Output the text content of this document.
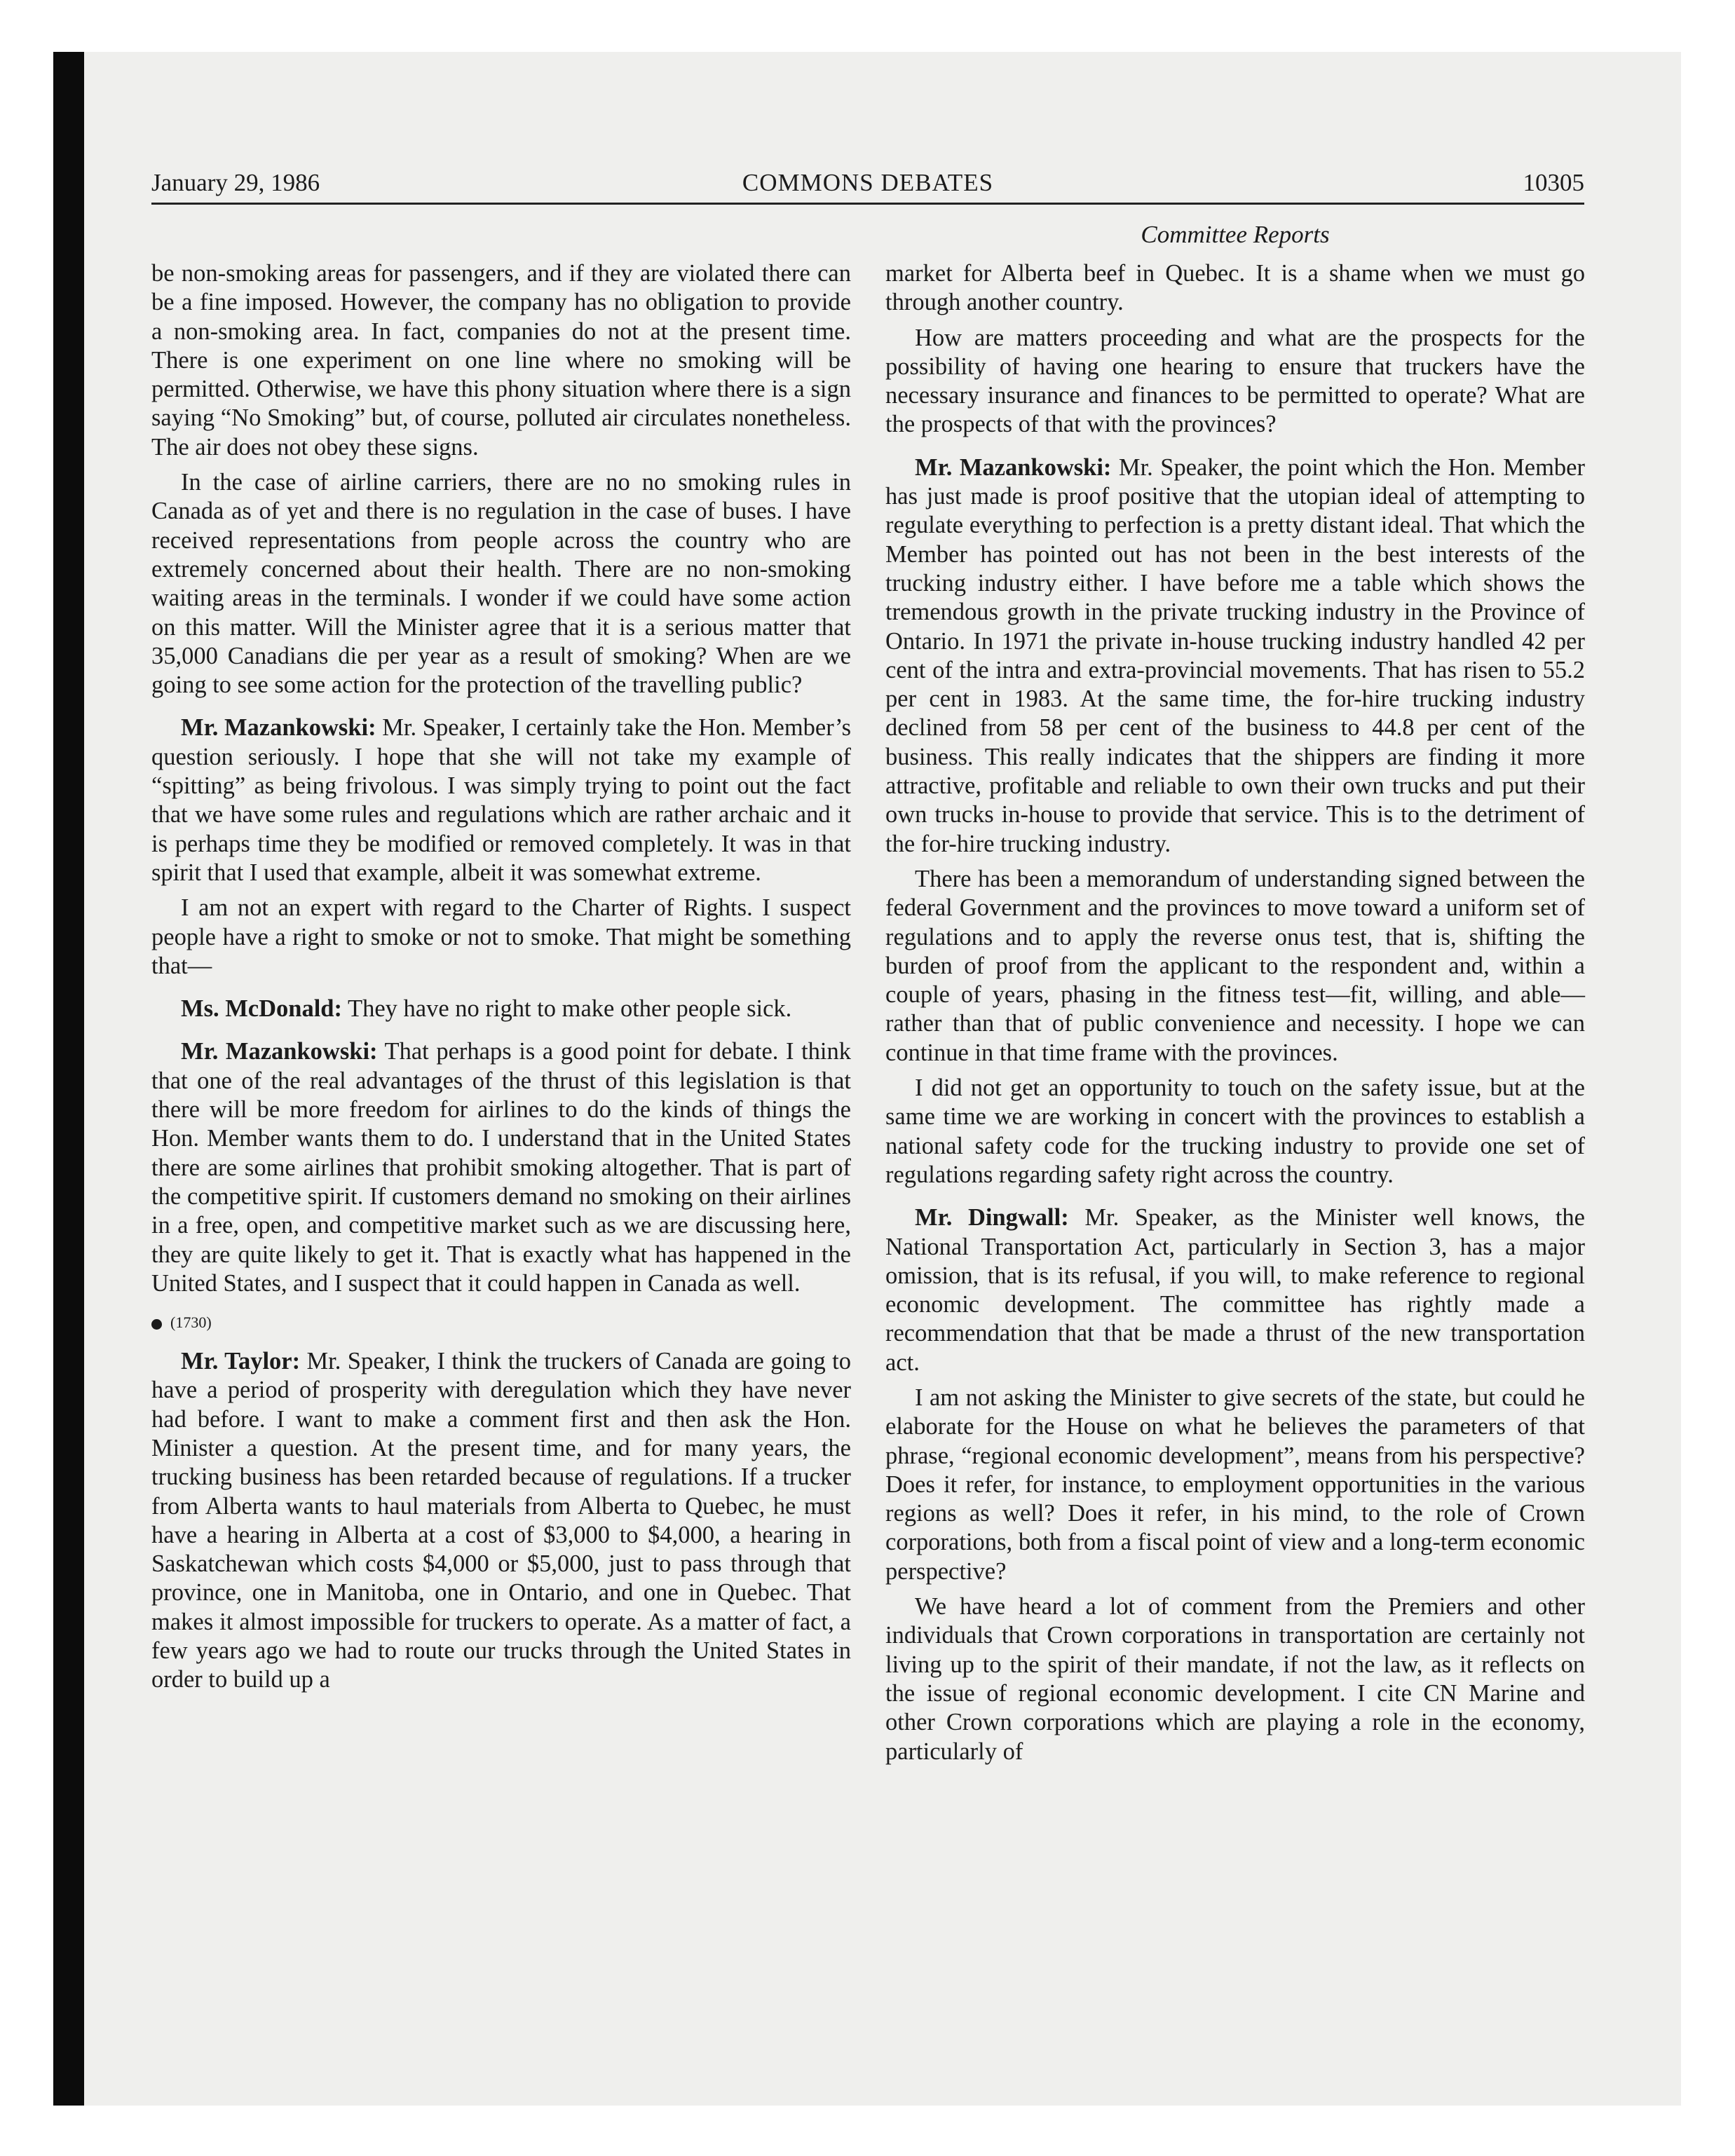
January 29, 1986	COMMONS DEBATES	10305
Committee Reports

be non-smoking areas for passengers, and if they are violated there can be a fine imposed. However, the company has no obligation to provide a non-smoking area. In fact, companies do not at the present time. There is one experiment on one line where no smoking will be permitted. Otherwise, we have this phony situation where there is a sign saying “No Smoking” but, of course, polluted air circulates nonetheless. The air does not obey these signs.

In the case of airline carriers, there are no no smoking rules in Canada as of yet and there is no regulation in the case of buses. I have received representations from people across the country who are extremely concerned about their health. There are no non-smoking waiting areas in the terminals. I wonder if we could have some action on this matter. Will the Minister agree that it is a serious matter that 35,000 Canadians die per year as a result of smoking? When are we going to see some action for the protection of the travelling public?

Mr. Mazankowski: Mr. Speaker, I certainly take the Hon. Member’s question seriously. I hope that she will not take my example of “spitting” as being frivolous. I was simply trying to point out the fact that we have some rules and regulations which are rather archaic and it is perhaps time they be modified or removed completely. It was in that spirit that I used that example, albeit it was somewhat extreme.

I am not an expert with regard to the Charter of Rights. I suspect people have a right to smoke or not to smoke. That might be something that—

Ms. McDonald: They have no right to make other people sick.

Mr. Mazankowski: That perhaps is a good point for debate. I think that one of the real advantages of the thrust of this legislation is that there will be more freedom for airlines to do the kinds of things the Hon. Member wants them to do. I understand that in the United States there are some airlines that prohibit smoking altogether. That is part of the competitive spirit. If customers demand no smoking on their airlines in a free, open, and competitive market such as we are discussing here, they are quite likely to get it. That is exactly what has happened in the United States, and I suspect that it could happen in Canada as well.

(1730)

Mr. Taylor: Mr. Speaker, I think the truckers of Canada are going to have a period of prosperity with deregulation which they have never had before. I want to make a comment first and then ask the Hon. Minister a question. At the present time, and for many years, the trucking business has been retarded because of regulations. If a trucker from Alberta wants to haul materials from Alberta to Quebec, he must have a hearing in Alberta at a cost of $3,000 to $4,000, a hearing in Saskatchewan which costs $4,000 or $5,000, just to pass through that province, one in Manitoba, one in Ontario, and one in Quebec. That makes it almost impossible for truckers to operate. As a matter of fact, a few years ago we had to route our trucks through the United States in order to build up a

market for Alberta beef in Quebec. It is a shame when we must go through another country.

How are matters proceeding and what are the prospects for the possibility of having one hearing to ensure that truckers have the necessary insurance and finances to be permitted to operate? What are the prospects of that with the provinces?

Mr. Mazankowski: Mr. Speaker, the point which the Hon. Member has just made is proof positive that the utopian ideal of attempting to regulate everything to perfection is a pretty distant ideal. That which the Member has pointed out has not been in the best interests of the trucking industry either. I have before me a table which shows the tremendous growth in the private trucking industry in the Province of Ontario. In 1971 the private in-house trucking industry handled 42 per cent of the intra and extra-provincial movements. That has risen to 55.2 per cent in 1983. At the same time, the for-hire trucking industry declined from 58 per cent of the business to 44.8 per cent of the business. This really indicates that the shippers are finding it more attractive, profitable and reliable to own their own trucks and put their own trucks in-house to provide that service. This is to the detriment of the for-hire trucking industry.

There has been a memorandum of understanding signed between the federal Government and the provinces to move toward a uniform set of regulations and to apply the reverse onus test, that is, shifting the burden of proof from the applicant to the respondent and, within a couple of years, phasing in the fitness test—fit, willing, and able—rather than that of public convenience and necessity. I hope we can continue in that time frame with the provinces.

I did not get an opportunity to touch on the safety issue, but at the same time we are working in concert with the provinces to establish a national safety code for the trucking industry to provide one set of regulations regarding safety right across the country.

Mr. Dingwall: Mr. Speaker, as the Minister well knows, the National Transportation Act, particularly in Section 3, has a major omission, that is its refusal, if you will, to make reference to regional economic development. The committee has rightly made a recommendation that that be made a thrust of the new transportation act.

I am not asking the Minister to give secrets of the state, but could he elaborate for the House on what he believes the parameters of that phrase, “regional economic development”, means from his perspective? Does it refer, for instance, to employment opportunities in the various regions as well? Does it refer, in his mind, to the role of Crown corporations, both from a fiscal point of view and a long-term economic perspective?

We have heard a lot of comment from the Premiers and other individuals that Crown corporations in transportation are certainly not living up to the spirit of their mandate, if not the law, as it reflects on the issue of regional economic development. I cite CN Marine and other Crown corporations which are playing a role in the economy, particularly of
